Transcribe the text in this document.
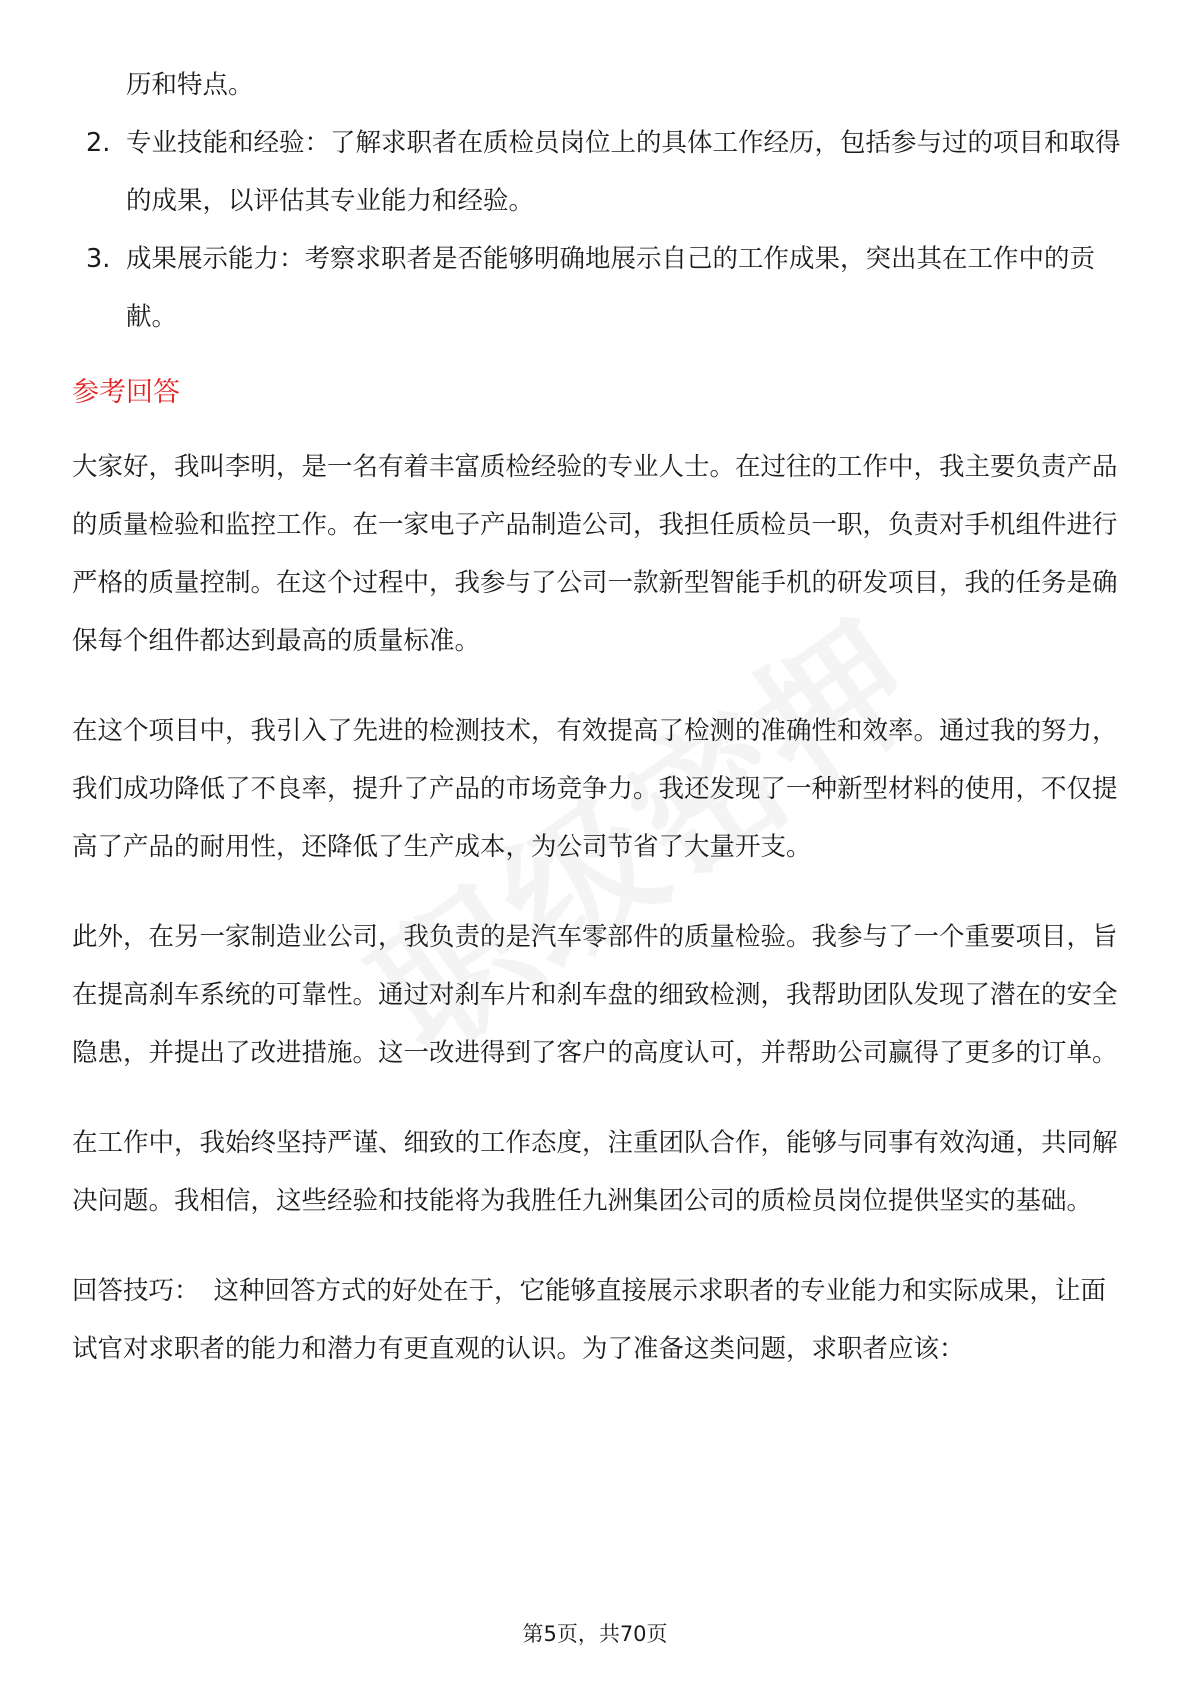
历和特点。

2. 专业技能和经验：了解求职者在质检员岗位上的具体工作经历，包括参与过的项目和取得的成果，以评估其专业能力和经验。
3. 成果展示能力：考察求职者是否能够明确地展示自己的工作成果，突出其在工作中的贡献。
参考回答

大家好，我叫李明，是一名有着丰富质检经验的专业人士。在过往的工作中，我主要负责产品的质量检验和监控工作。在一家电子产品制造公司，我担任质检员一职，负责对手机组件进行严格的质量控制。在这个过程中，我参与了公司一款新型智能手机的研发项目，我的任务是确保每个组件都达到最高的质量标准。

在这个项目中，我引入了先进的检测技术，有效提高了检测的准确性和效率。通过我的努力，我们成功降低了不良率，提升了产品的市场竞争力。我还发现了一种新型材料的使用，不仅提高了产品的耐用性，还降低了生产成本，为公司节省了大量开支。

此外，在另一家制造业公司，我负责的是汽车零部件的质量检验。我参与了一个重要项目，旨在提高刹车系统的可靠性。通过对刹车片和刹车盘的细致检测，我帮助团队发现了潜在的安全隐患，并提出了改进措施。这一改进得到了客户的高度认可，并帮助公司赢得了更多的订单。

在工作中，我始终坚持严谨、细致的工作态度，注重团队合作，能够与同事有效沟通，共同解决问题。我相信，这些经验和技能将为我胜任九洲集团公司的质检员岗位提供坚实的基础。

回答技巧： 这种回答方式的好处在于，它能够直接展示求职者的专业能力和实际成果，让面试官对求职者的能力和潜力有更直观的认识。为了准备这类问题，求职者应该：

第5页，共70页
